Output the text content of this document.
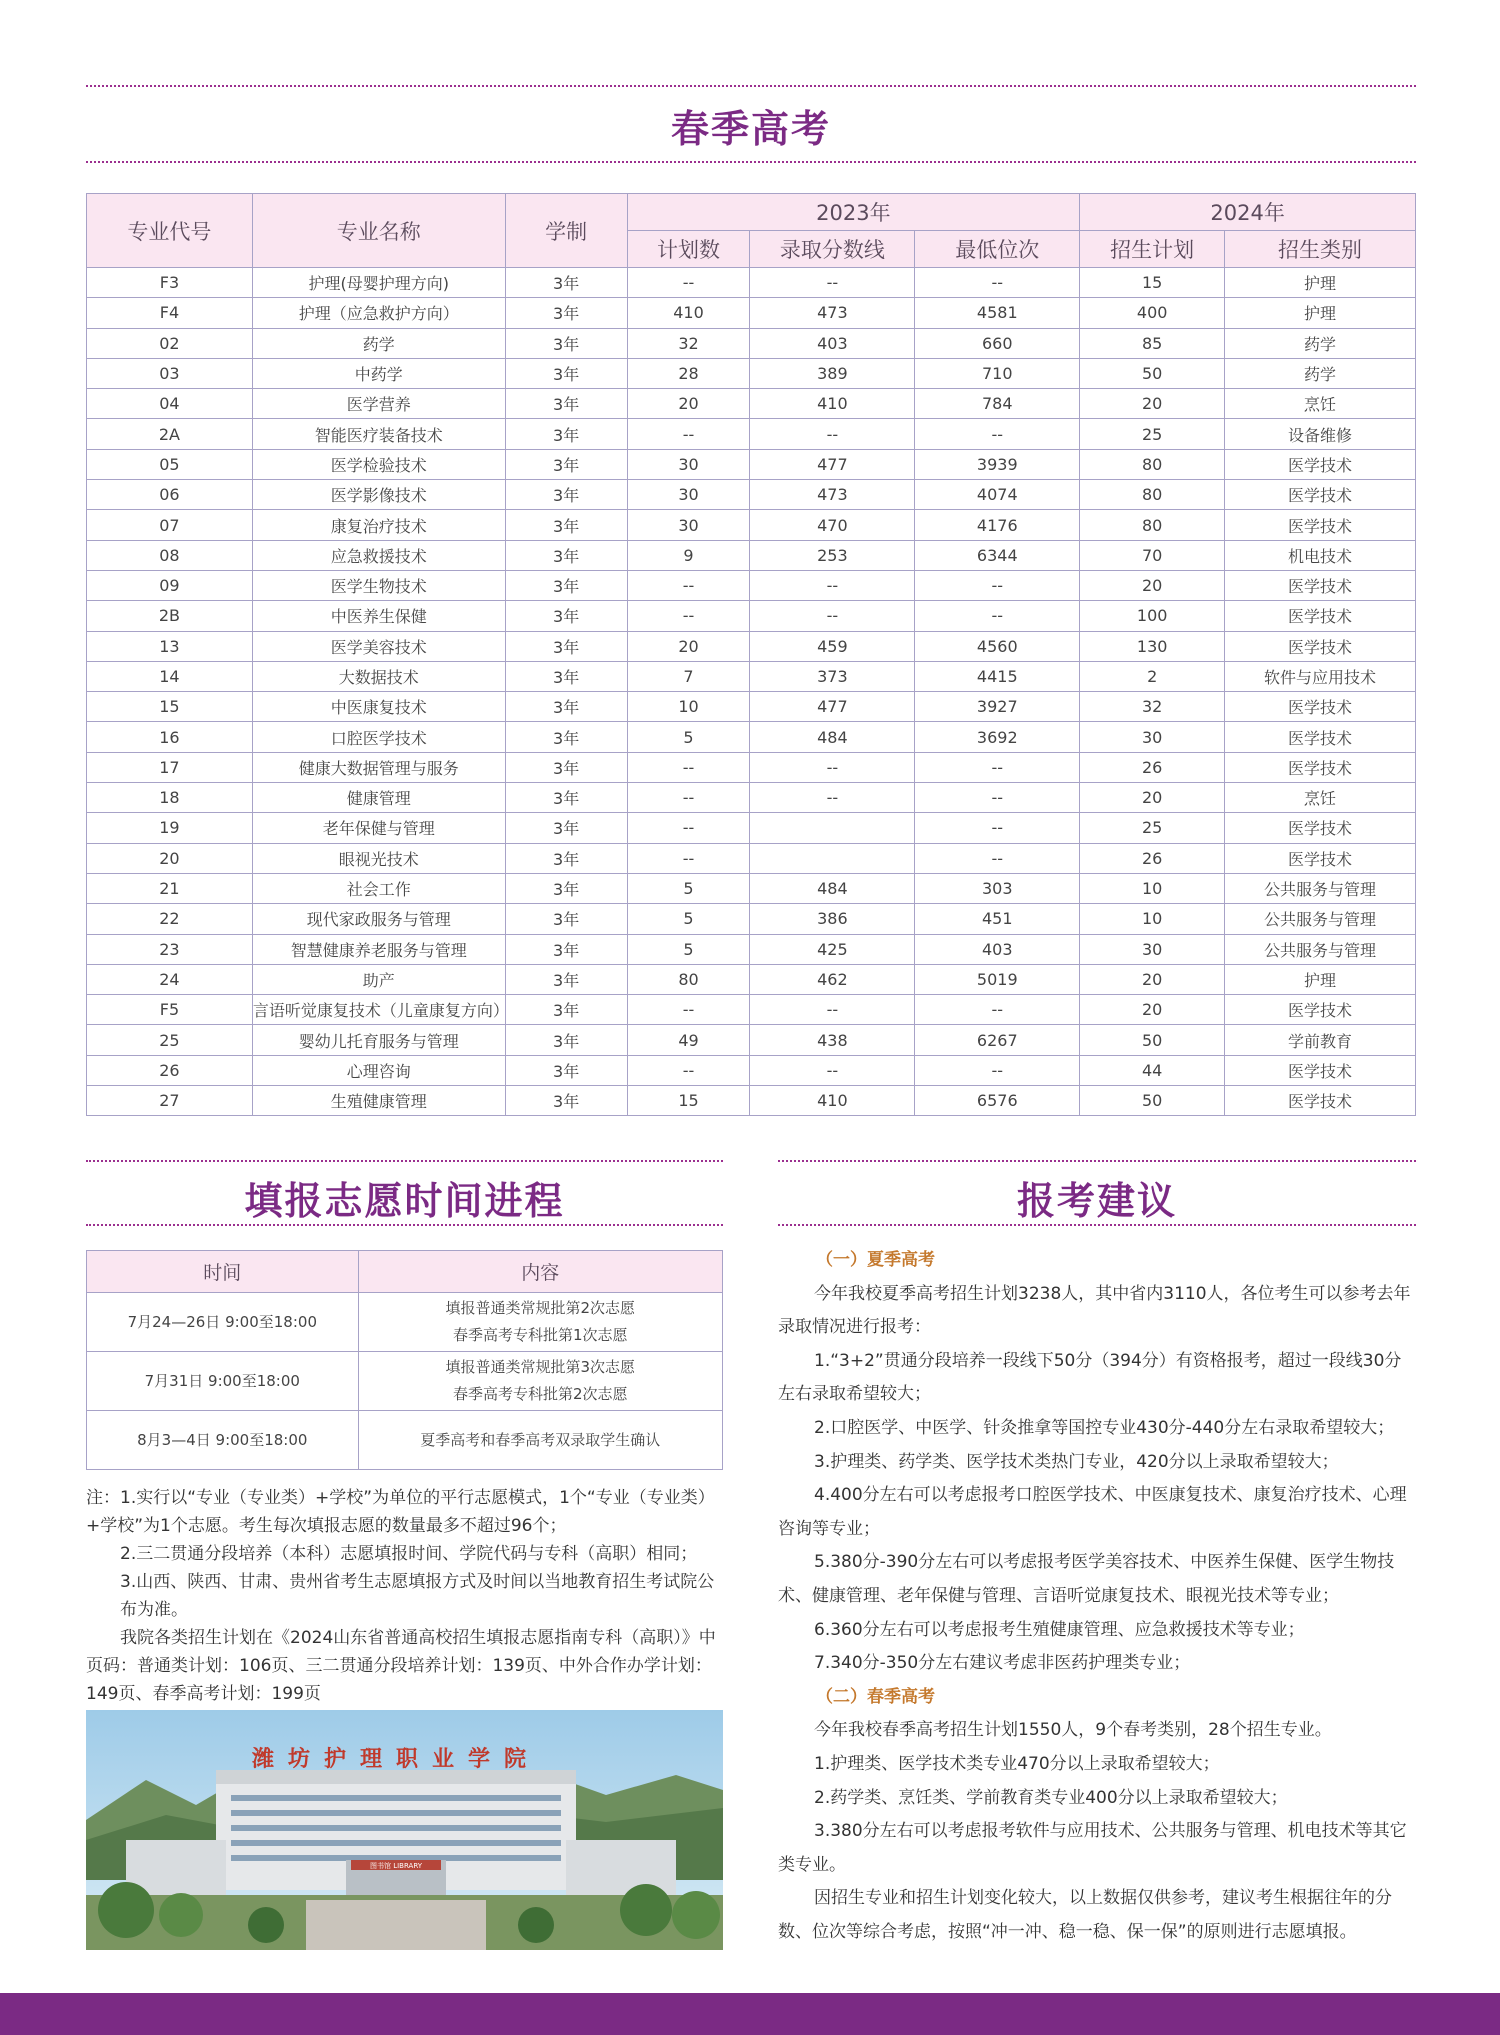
春季高考
专业代号	专业名称	学制	2023年			2024年	
			计划数	录取分数线	最低位次	招生计划	招生类别
F3	护理(母婴护理方向)	3年	--	--	--	15	护理
F4	护理（应急救护方向）	3年	410	473	4581	400	护理
02	药学	3年	32	403	660	85	药学
03	中药学	3年	28	389	710	50	药学
04	医学营养	3年	20	410	784	20	烹饪
2A	智能医疗装备技术	3年	--	--	--	25	设备维修
05	医学检验技术	3年	30	477	3939	80	医学技术
06	医学影像技术	3年	30	473	4074	80	医学技术
07	康复治疗技术	3年	30	470	4176	80	医学技术
08	应急救援技术	3年	9	253	6344	70	机电技术
09	医学生物技术	3年	--	--	--	20	医学技术
2B	中医养生保健	3年	--	--	--	100	医学技术
13	医学美容技术	3年	20	459	4560	130	医学技术
14	大数据技术	3年	7	373	4415	2	软件与应用技术
15	中医康复技术	3年	10	477	3927	32	医学技术
16	口腔医学技术	3年	5	484	3692	30	医学技术
17	健康大数据管理与服务	3年	--	--	--	26	医学技术
18	健康管理	3年	--	--	--	20	烹饪
19	老年保健与管理	3年	--		--	25	医学技术
20	眼视光技术	3年	--		--	26	医学技术
21	社会工作	3年	5	484	303	10	公共服务与管理
22	现代家政服务与管理	3年	5	386	451	10	公共服务与管理
23	智慧健康养老服务与管理	3年	5	425	403	30	公共服务与管理
24	助产	3年	80	462	5019	20	护理
F5	言语听觉康复技术（儿童康复方向）	3年	--	--	--	20	医学技术
25	婴幼儿托育服务与管理	3年	49	438	6267	50	学前教育
26	心理咨询	3年	--	--	--	44	医学技术
27	生殖健康管理	3年	15	410	6576	50	医学技术
填报志愿时间进程
时间	内容
7月24—26日 9:00至18:00	填报普通类常规批第2次志愿
春季高考专科批第1次志愿

7月31日 9:00至18:00	填报普通类常规批第3次志愿
春季高考专科批第2次志愿

8月3—4日 9:00至18:00	夏季高考和春季高考双录取学生确认

注：1.实行以“专业（专业类）+学校”为单位的平行志愿模式，1个“专业（专业类）+学校”为1个志愿。考生每次填报志愿的数量最多不超过96个；

2.三二贯通分段培养（本科）志愿填报时间、学院代码与专科（高职）相同；

3.山西、陕西、甘肃、贵州省考生志愿填报方式及时间以当地教育招生考试院公布为准。

我院各类招生计划在《2024山东省普通高校招生填报志愿指南专科（高职）》中页码：普通类计划：106页、三二贯通分段培养计划：139页、中外合作办学计划：149页、春季高考计划：199页

图书馆 LIBRARY
潍坊护理职业学院
报考建议

（一）夏季高考

今年我校夏季高考招生计划3238人，其中省内3110人，各位考生可以参考去年录取情况进行报考：

1.“3+2”贯通分段培养一段线下50分（394分）有资格报考，超过一段线30分左右录取希望较大；

2.口腔医学、中医学、针灸推拿等国控专业430分-440分左右录取希望较大；

3.护理类、药学类、医学技术类热门专业，420分以上录取希望较大；

4.400分左右可以考虑报考口腔医学技术、中医康复技术、康复治疗技术、心理咨询等专业；

5.380分-390分左右可以考虑报考医学美容技术、中医养生保健、医学生物技术、健康管理、老年保健与管理、言语听觉康复技术、眼视光技术等专业；

6.360分左右可以考虑报考生殖健康管理、应急救援技术等专业；

7.340分-350分左右建议考虑非医药护理类专业；

（二）春季高考

今年我校春季高考招生计划1550人，9个春考类别，28个招生专业。

1.护理类、医学技术类专业470分以上录取希望较大；

2.药学类、烹饪类、学前教育类专业400分以上录取希望较大；

3.380分左右可以考虑报考软件与应用技术、公共服务与管理、机电技术等其它类专业。

因招生专业和招生计划变化较大，以上数据仅供参考，建议考生根据往年的分数、位次等综合考虑，按照“冲一冲、稳一稳、保一保”的原则进行志愿填报。
